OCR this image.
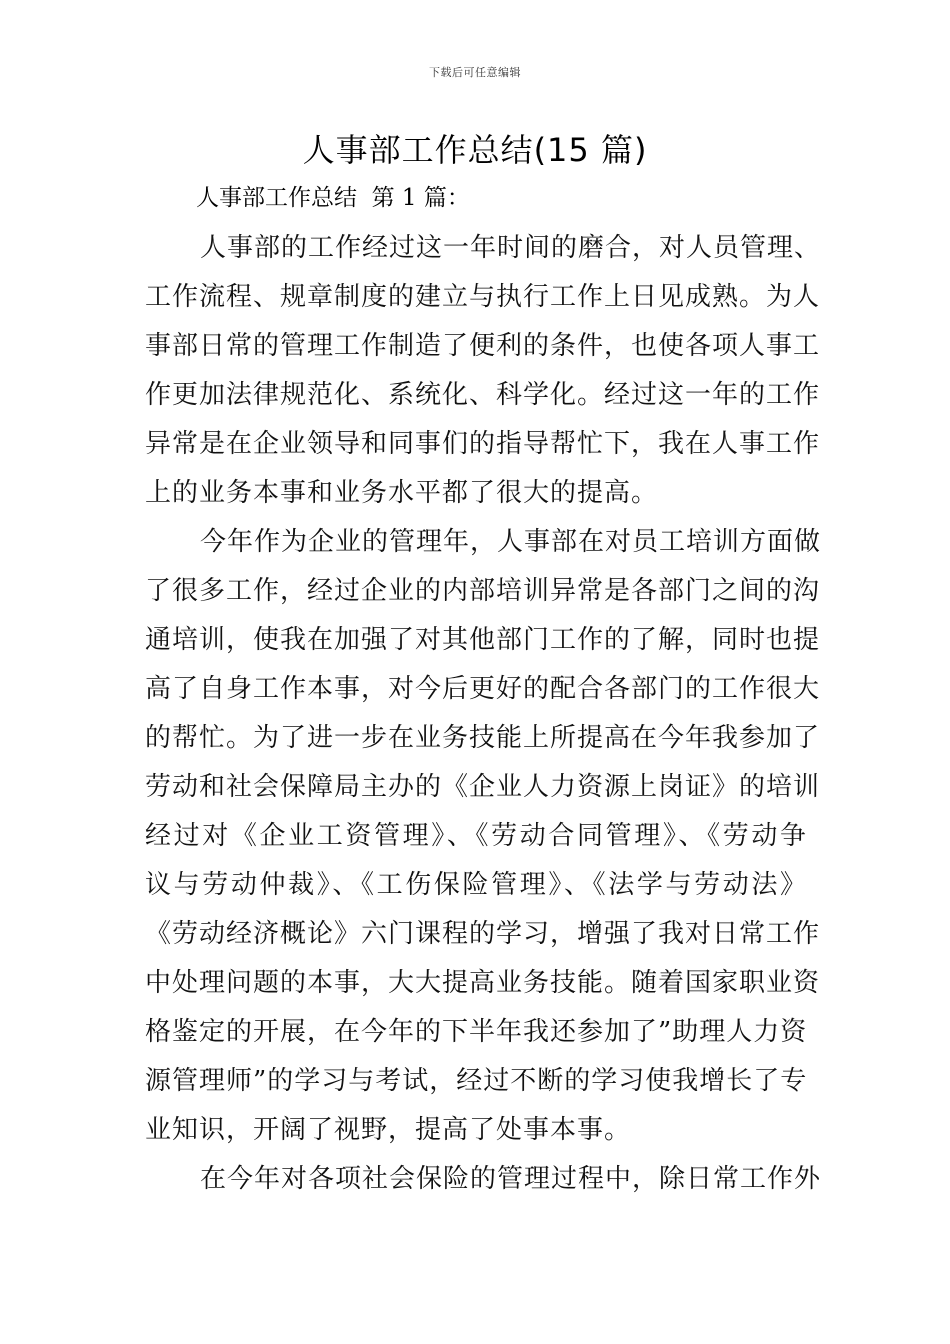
下载后可任意编辑
人事部工作总结(15 篇)
人事部工作总结  第 1 篇：

人事部的工作经过这一年时间的磨合，对人员管理、
工作流程、规章制度的建立与执行工作上日见成熟。为人
事部日常的管理工作制造了便利的条件，也使各项人事工
作更加法律规范化、系统化、科学化。经过这一年的工作
异常是在企业领导和同事们的指导帮忙下，我在人事工作
上的业务本事和业务水平都了很大的提高。

今年作为企业的管理年，人事部在对员工培训方面做
了很多工作，经过企业的内部培训异常是各部门之间的沟
通培训，使我在加强了对其他部门工作的了解，同时也提
高了自身工作本事，对今后更好的配合各部门的工作很大
的帮忙。为了进一步在业务技能上所提高在今年我参加了
劳动和社会保障局主办的《企业人力资源上岗证》的培训
经过对《企业工资管理》、《劳动合同管理》、《劳动争
议与劳动仲裁》、《工伤保险管理》、《法学与劳动法》
《劳动经济概论》六门课程的学习，增强了我对日常工作
中处理问题的本事，大大提高业务技能。随着国家职业资
格鉴定的开展，在今年的下半年我还参加了”助理人力资
源管理师”的学习与考试，经过不断的学习使我增长了专
业知识，开阔了视野，提高了处事本事。

在今年对各项社会保险的管理过程中，除日常工作外
